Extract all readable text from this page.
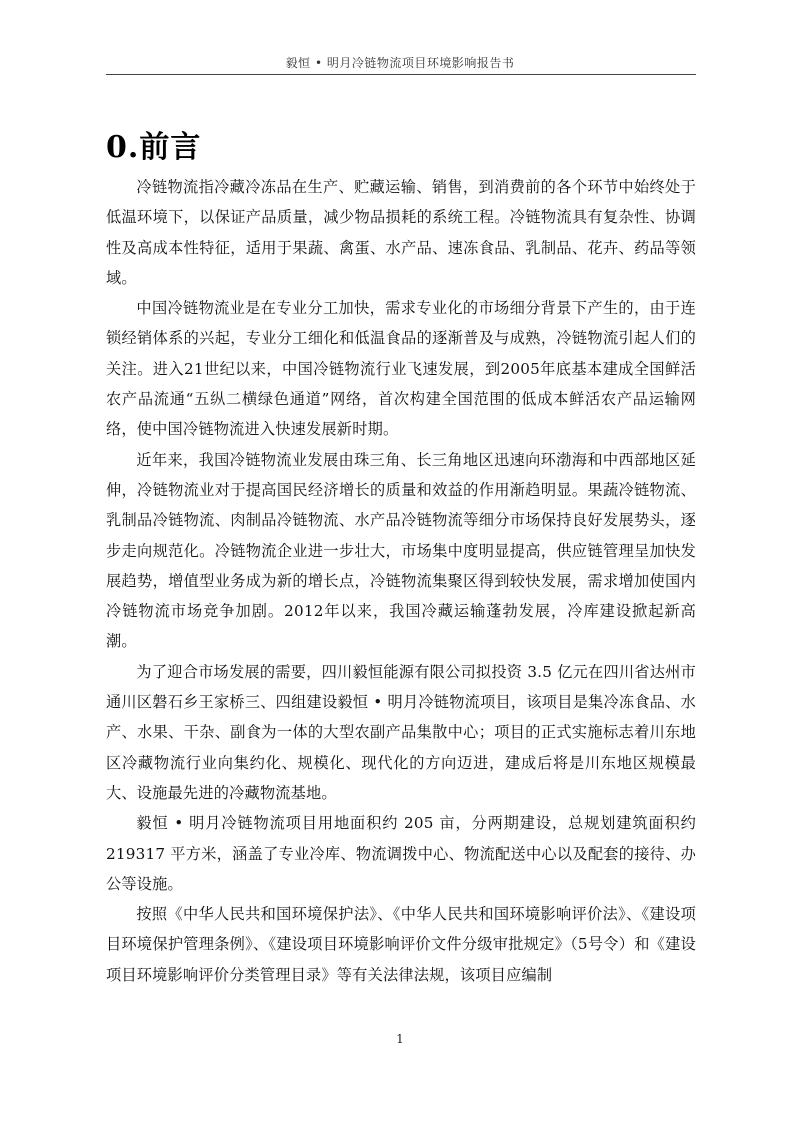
毅恒 • 明月冷链物流项目环境影响报告书
0.前言

冷链物流指冷藏冷冻品在生产、贮藏运输、销售，到消费前的各个环节中始终处于低温环境下，以保证产品质量，减少物品损耗的系统工程。冷链物流具有复杂性、协调性及高成本性特征，适用于果蔬、禽蛋、水产品、速冻食品、乳制品、花卉、药品等领域。

中国冷链物流业是在专业分工加快，需求专业化的市场细分背景下产生的，由于连锁经销体系的兴起，专业分工细化和低温食品的逐渐普及与成熟，冷链物流引起人们的关注。进入21世纪以来，中国冷链物流行业飞速发展，到2005年底基本建成全国鲜活农产品流通“五纵二横绿色通道”网络，首次构建全国范围的低成本鲜活农产品运输网络，使中国冷链物流进入快速发展新时期。

近年来，我国冷链物流业发展由珠三角、长三角地区迅速向环渤海和中西部地区延伸，冷链物流业对于提高国民经济增长的质量和效益的作用渐趋明显。果蔬冷链物流、乳制品冷链物流、肉制品冷链物流、水产品冷链物流等细分市场保持良好发展势头，逐步走向规范化。冷链物流企业进一步壮大，市场集中度明显提高，供应链管理呈加快发展趋势，增值型业务成为新的增长点，冷链物流集聚区得到较快发展，需求增加使国内冷链物流市场竞争加剧。2012年以来，我国冷藏运输蓬勃发展，冷库建设掀起新高潮。

为了迎合市场发展的需要，四川毅恒能源有限公司拟投资 3.5 亿元在四川省达州市通川区磐石乡王家桥三、四组建设毅恒 • 明月冷链物流项目，该项目是集冷冻食品、水产、水果、干杂、副食为一体的大型农副产品集散中心；项目的正式实施标志着川东地区冷藏物流行业向集约化、规模化、现代化的方向迈进，建成后将是川东地区规模最大、设施最先进的冷藏物流基地。

毅恒 • 明月冷链物流项目用地面积约 205 亩，分两期建设，总规划建筑面积约 219317 平方米，涵盖了专业冷库、物流调拨中心、物流配送中心以及配套的接待、办公等设施。

按照《中华人民共和国环境保护法》、《中华人民共和国环境影响评价法》、《建设项目环境保护管理条例》、《建设项目环境影响评价文件分级审批规定》（5号令）和《建设项目环境影响评价分类管理目录》等有关法律法规，该项目应编制

1
